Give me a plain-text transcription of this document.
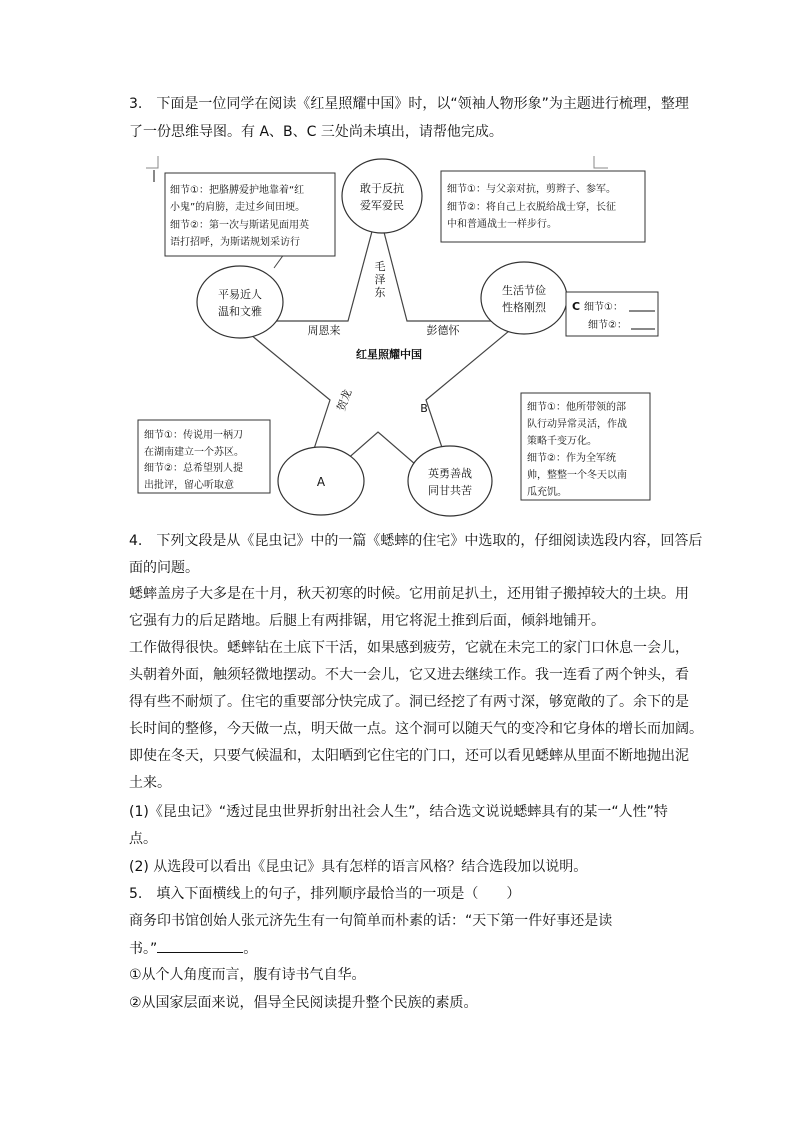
3.　下面是一位同学在阅读《红星照耀中国》时，以“领袖人物形象”为主题进行梳理，整理
了一份思维导图。有 A、B、C 三处尚未填出，请帮他完成。
敢于反抗
爱军爱民
平易近人
温和文雅
生活节俭
性格刚烈
A
英勇善战
同甘共苦
红星照耀中国
毛
泽
东
周恩来	彭德怀
贺龙	B
细节①：把胳膊爱护地靠着“红
小鬼”的肩膀，走过乡间田埂。
细节②：第一次与斯诺见面用英
语打招呼，为斯诺规划采访行
细节①：与父亲对抗，剪辫子、参军。
细节②：将自己上衣脱给战士穿，长征
中和普通战士一样步行。
C 细节①：
细节②：
细节①：传说用一柄刀
在湖南建立一个苏区。
细节②：总希望别人提
出批评，留心听取意
细节①：他所带领的部
队行动异常灵活，作战
策略千变万化。
细节②：作为全军统
帅，整整一个冬天以南
瓜充饥。
4.　下列文段是从《昆虫记》中的一篇《蟋蟀的住宅》中选取的，仔细阅读选段内容，回答后
面的问题。
蟋蟀盖房子大多是在十月，秋天初寒的时候。它用前足扒土，还用钳子搬掉较大的土块。用
它强有力的后足踏地。后腿上有两排锯，用它将泥土推到后面，倾斜地铺开。
工作做得很快。蟋蟀钻在土底下干活，如果感到疲劳，它就在未完工的家门口休息一会儿，
头朝着外面，触须轻微地摆动。不大一会儿，它又进去继续工作。我一连看了两个钟头，看
得有些不耐烦了。住宅的重要部分快完成了。洞已经挖了有两寸深，够宽敞的了。余下的是
长时间的整修，今天做一点，明天做一点。这个洞可以随天气的变冷和它身体的增长而加阔。
即使在冬天，只要气候温和，太阳晒到它住宅的门口，还可以看见蟋蟀从里面不断地抛出泥
土来。
(1)《昆虫记》“透过昆虫世界折射出社会人生”，结合选文说说蟋蟀具有的某一“人性”特
点。
(2) 从选段可以看出《昆虫记》具有怎样的语言风格？结合选段加以说明。
5.　填入下面横线上的句子，排列顺序最恰当的一项是（　　）
商务印书馆创始人张元济先生有一句简单而朴素的话：“天下第一件好事还是读
书。”	。
①从个人角度而言，腹有诗书气自华。
②从国家层面来说，倡导全民阅读提升整个民族的素质。
